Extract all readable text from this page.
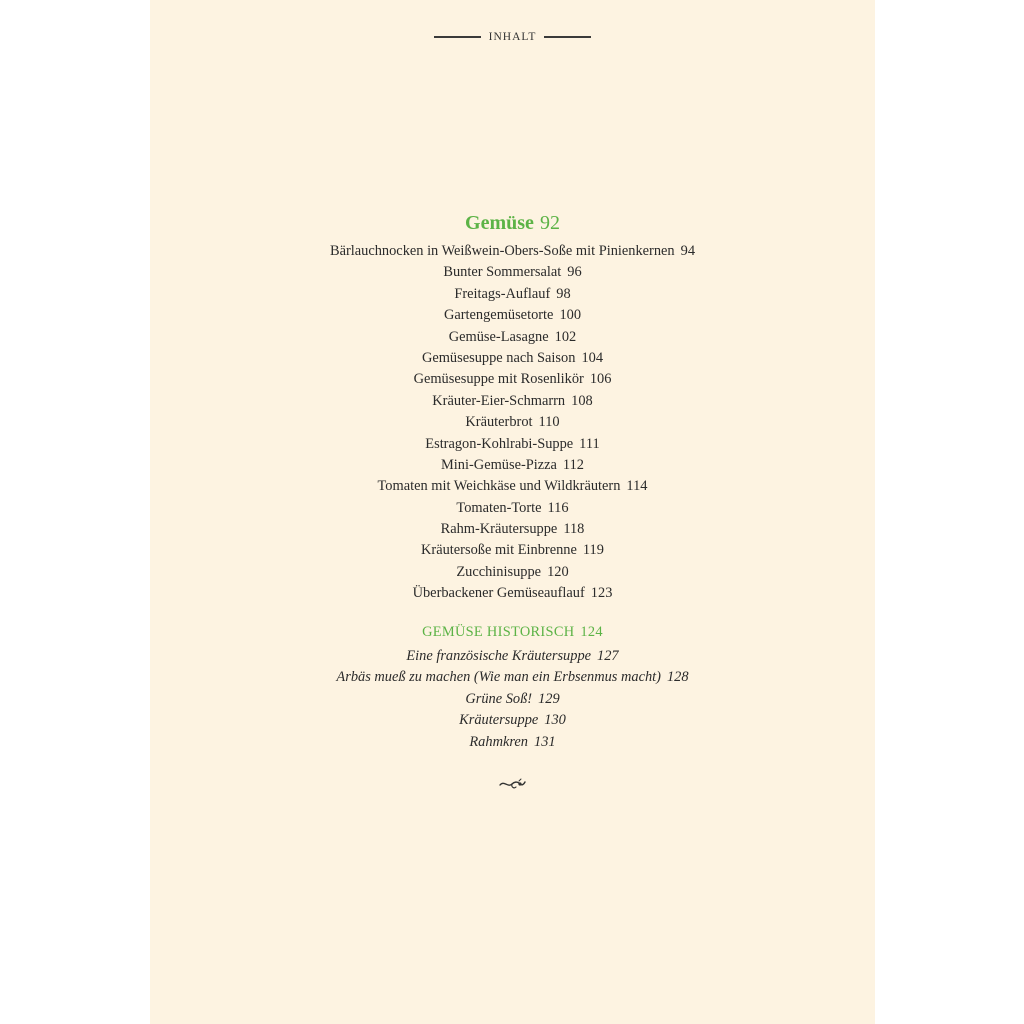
INHALT
Gemüse 92
Bärlauchnocken in Weißwein-Obers-Soße mit Pinienkernen 94
Bunter Sommersalat 96
Freitags-Auflauf 98
Gartengemüsetorte 100
Gemüse-Lasagne 102
Gemüsesuppe nach Saison 104
Gemüsesuppe mit Rosenlikör 106
Kräuter-Eier-Schmarrn 108
Kräuterbrot 110
Estragon-Kohlrabi-Suppe 111
Mini-Gemüse-Pizza 112
Tomaten mit Weichkäse und Wildkräutern 114
Tomaten-Torte 116
Rahm-Kräutersuppe 118
Kräutersoße mit Einbrenne 119
Zucchinisuppe 120
Überbackener Gemüseauflauf 123
GEMÜSE HISTORISCH 124
Eine französische Kräutersuppe 127
Arbäs mueß zu machen (Wie man ein Erbsenmus macht) 128
Grüne Soß! 129
Kräutersuppe 130
Rahmkren 131
